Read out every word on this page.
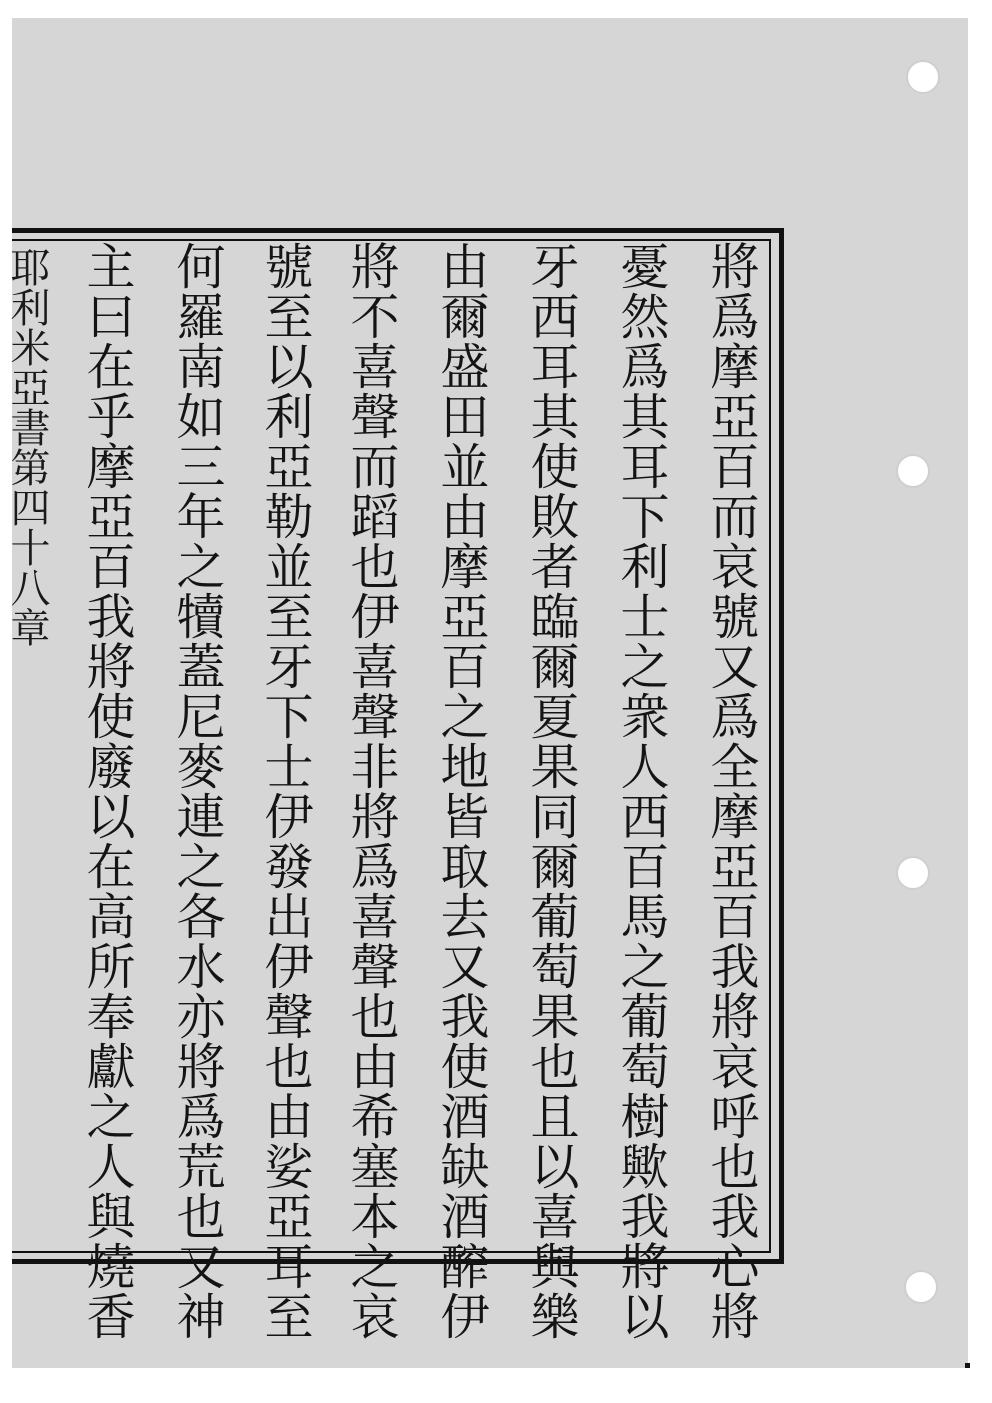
耶利米亞書第四十八章	將爲摩亞百而哀號又爲全摩亞百我將哀呼也我心將
憂然爲其耳下利士之衆人西百馬之葡萄樹歟我將以
牙西耳其使敗者臨爾夏果同爾葡萄果也且以喜與樂
由爾盛田並由摩亞百之地皆取去又我使酒缺酒醡伊
將不喜聲而蹈也伊喜聲非將爲喜聲也由希塞本之哀
號至以利亞勒並至牙下士伊發出伊聲也由娑亞耳至
何羅南如三年之犢蓋尼麥連之各水亦將爲荒也又神
主曰在乎摩亞百我將使廢以在高所奉獻之人與燒香
